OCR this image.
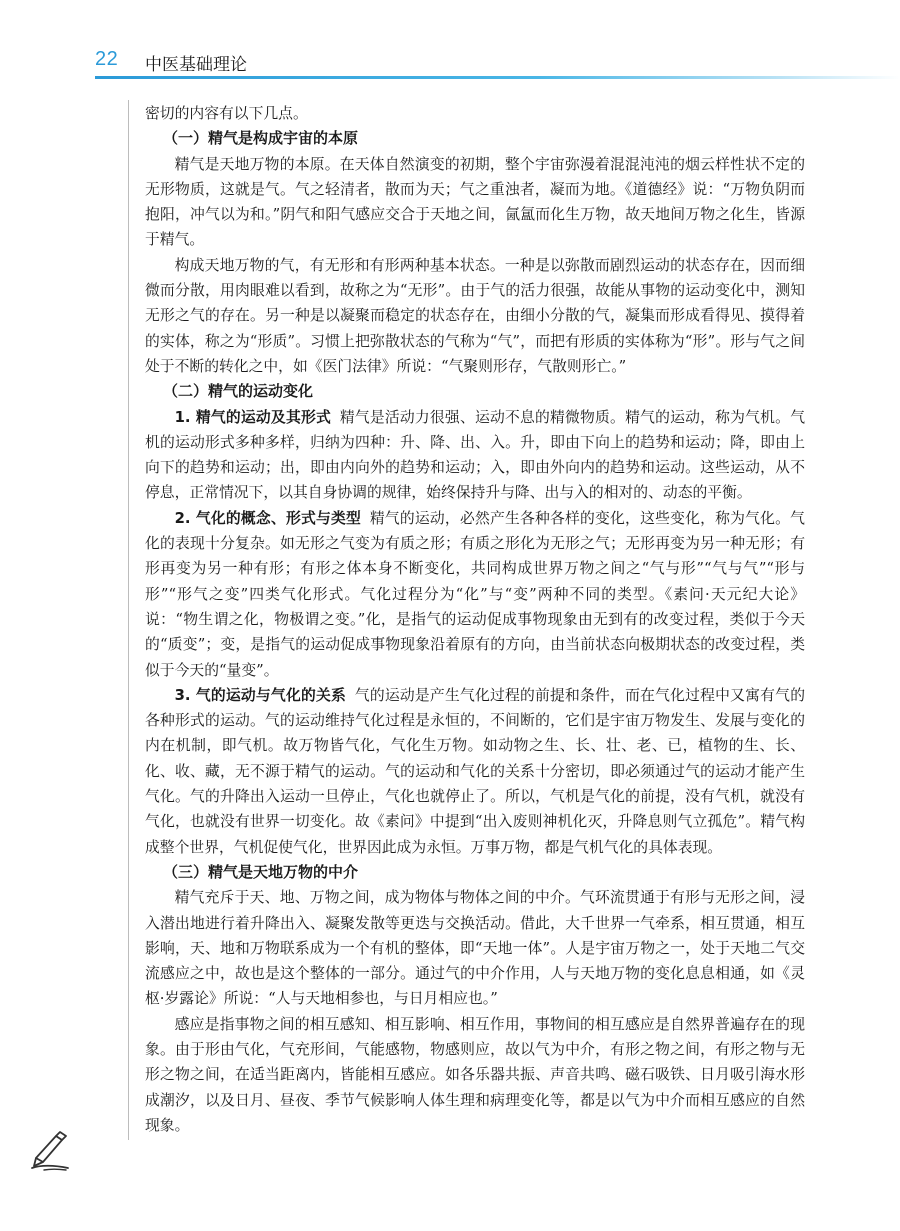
22 中医基础理论

密切的内容有以下几点。

（一）精气是构成宇宙的本原

精气是天地万物的本原。在天体自然演变的初期，整个宇宙弥漫着混混沌沌的烟云样性状不定的无形物质，这就是气。气之轻清者，散而为天；气之重浊者，凝而为地。《道德经》说：“万物负阴而抱阳，冲气以为和。”阴气和阳气感应交合于天地之间，氤氲而化生万物，故天地间万物之化生，皆源于精气。

构成天地万物的气，有无形和有形两种基本状态。一种是以弥散而剧烈运动的状态存在，因而细微而分散，用肉眼难以看到，故称之为“无形”。由于气的活力很强，故能从事物的运动变化中，测知无形之气的存在。另一种是以凝聚而稳定的状态存在，由细小分散的气，凝集而形成看得见、摸得着的实体，称之为“形质”。习惯上把弥散状态的气称为“气”，而把有形质的实体称为“形”。形与气之间处于不断的转化之中，如《医门法律》所说：“气聚则形存，气散则形亡。”

（二）精气的运动变化

1. 精气的运动及其形式 精气是活动力很强、运动不息的精微物质。精气的运动，称为气机。气机的运动形式多种多样，归纳为四种：升、降、出、入。升，即由下向上的趋势和运动；降，即由上向下的趋势和运动；出，即由内向外的趋势和运动；入，即由外向内的趋势和运动。这些运动，从不停息，正常情况下，以其自身协调的规律，始终保持升与降、出与入的相对的、动态的平衡。

2. 气化的概念、形式与类型 精气的运动，必然产生各种各样的变化，这些变化，称为气化。气化的表现十分复杂。如无形之气变为有质之形；有质之形化为无形之气；无形再变为另一种无形；有形再变为另一种有形；有形之体本身不断变化，共同构成世界万物之间之“气与形”“气与气”“形与形”“形气之变”四类气化形式。气化过程分为“化”与“变”两种不同的类型。《素问·天元纪大论》说：“物生谓之化，物极谓之变。”化，是指气的运动促成事物现象由无到有的改变过程，类似于今天的“质变”；变，是指气的运动促成事物现象沿着原有的方向，由当前状态向极期状态的改变过程，类似于今天的“量变”。

3. 气的运动与气化的关系 气的运动是产生气化过程的前提和条件，而在气化过程中又寓有气的各种形式的运动。气的运动维持气化过程是永恒的，不间断的，它们是宇宙万物发生、发展与变化的内在机制，即气机。故万物皆气化，气化生万物。如动物之生、长、壮、老、已，植物的生、长、化、收、藏，无不源于精气的运动。气的运动和气化的关系十分密切，即必须通过气的运动才能产生气化。气的升降出入运动一旦停止，气化也就停止了。所以，气机是气化的前提，没有气机，就没有气化，也就没有世界一切变化。故《素问》中提到“出入废则神机化灭，升降息则气立孤危”。精气构成整个世界，气机促使气化，世界因此成为永恒。万事万物，都是气机气化的具体表现。

（三）精气是天地万物的中介

精气充斥于天、地、万物之间，成为物体与物体之间的中介。气环流贯通于有形与无形之间，浸入潜出地进行着升降出入、凝聚发散等更迭与交换活动。借此，大千世界一气牵系，相互贯通，相互影响，天、地和万物联系成为一个有机的整体，即“天地一体”。人是宇宙万物之一，处于天地二气交流感应之中，故也是这个整体的一部分。通过气的中介作用，人与天地万物的变化息息相通，如《灵枢·岁露论》所说：“人与天地相参也，与日月相应也。”

感应是指事物之间的相互感知、相互影响、相互作用，事物间的相互感应是自然界普遍存在的现象。由于形由气化，气充形间，气能感物，物感则应，故以气为中介，有形之物之间，有形之物与无形之物之间，在适当距离内，皆能相互感应。如各乐器共振、声音共鸣、磁石吸铁、日月吸引海水形成潮汐，以及日月、昼夜、季节气候影响人体生理和病理变化等，都是以气为中介而相互感应的自然现象。
